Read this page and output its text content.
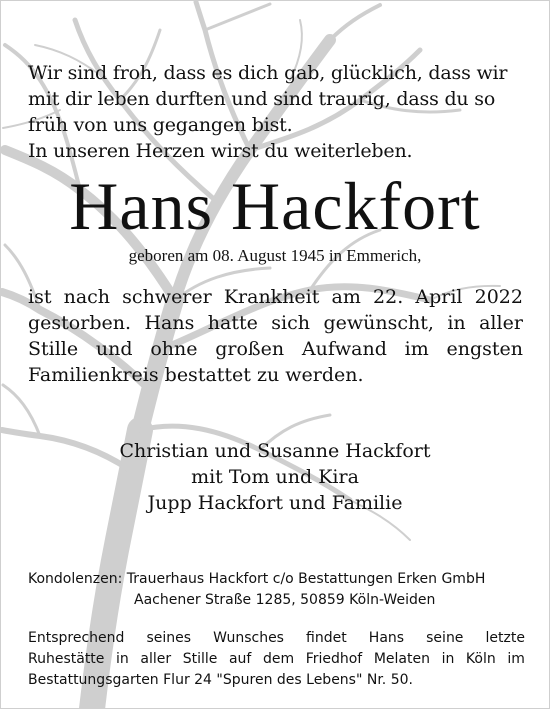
Wir sind froh, dass es dich gab, glücklich, dass wir
mit dir leben durften und sind traurig, dass du so
früh von uns gegangen bist.
In unseren Herzen wirst du weiterleben.
Hans Hackfort
geboren am 08. August 1945 in Emmerich,
ist nach schwerer Krankheit am 22. April 2022
gestorben. Hans hatte sich gewünscht, in aller
Stille und ohne großen Aufwand im engsten
Familienkreis bestattet zu werden.
Christian und Susanne Hackfort
mit Tom und Kira
Jupp Hackfort und Familie
Kondolenzen: Trauerhaus Hackfort c/o Bestattungen Erken GmbH
Aachener Straße 1285, 50859 Köln-Weiden
Entsprechend seines Wunsches findet Hans seine letzte
Ruhestätte in aller Stille auf dem Friedhof Melaten in Köln im
Bestattungsgarten Flur 24 "Spuren des Lebens" Nr. 50.
